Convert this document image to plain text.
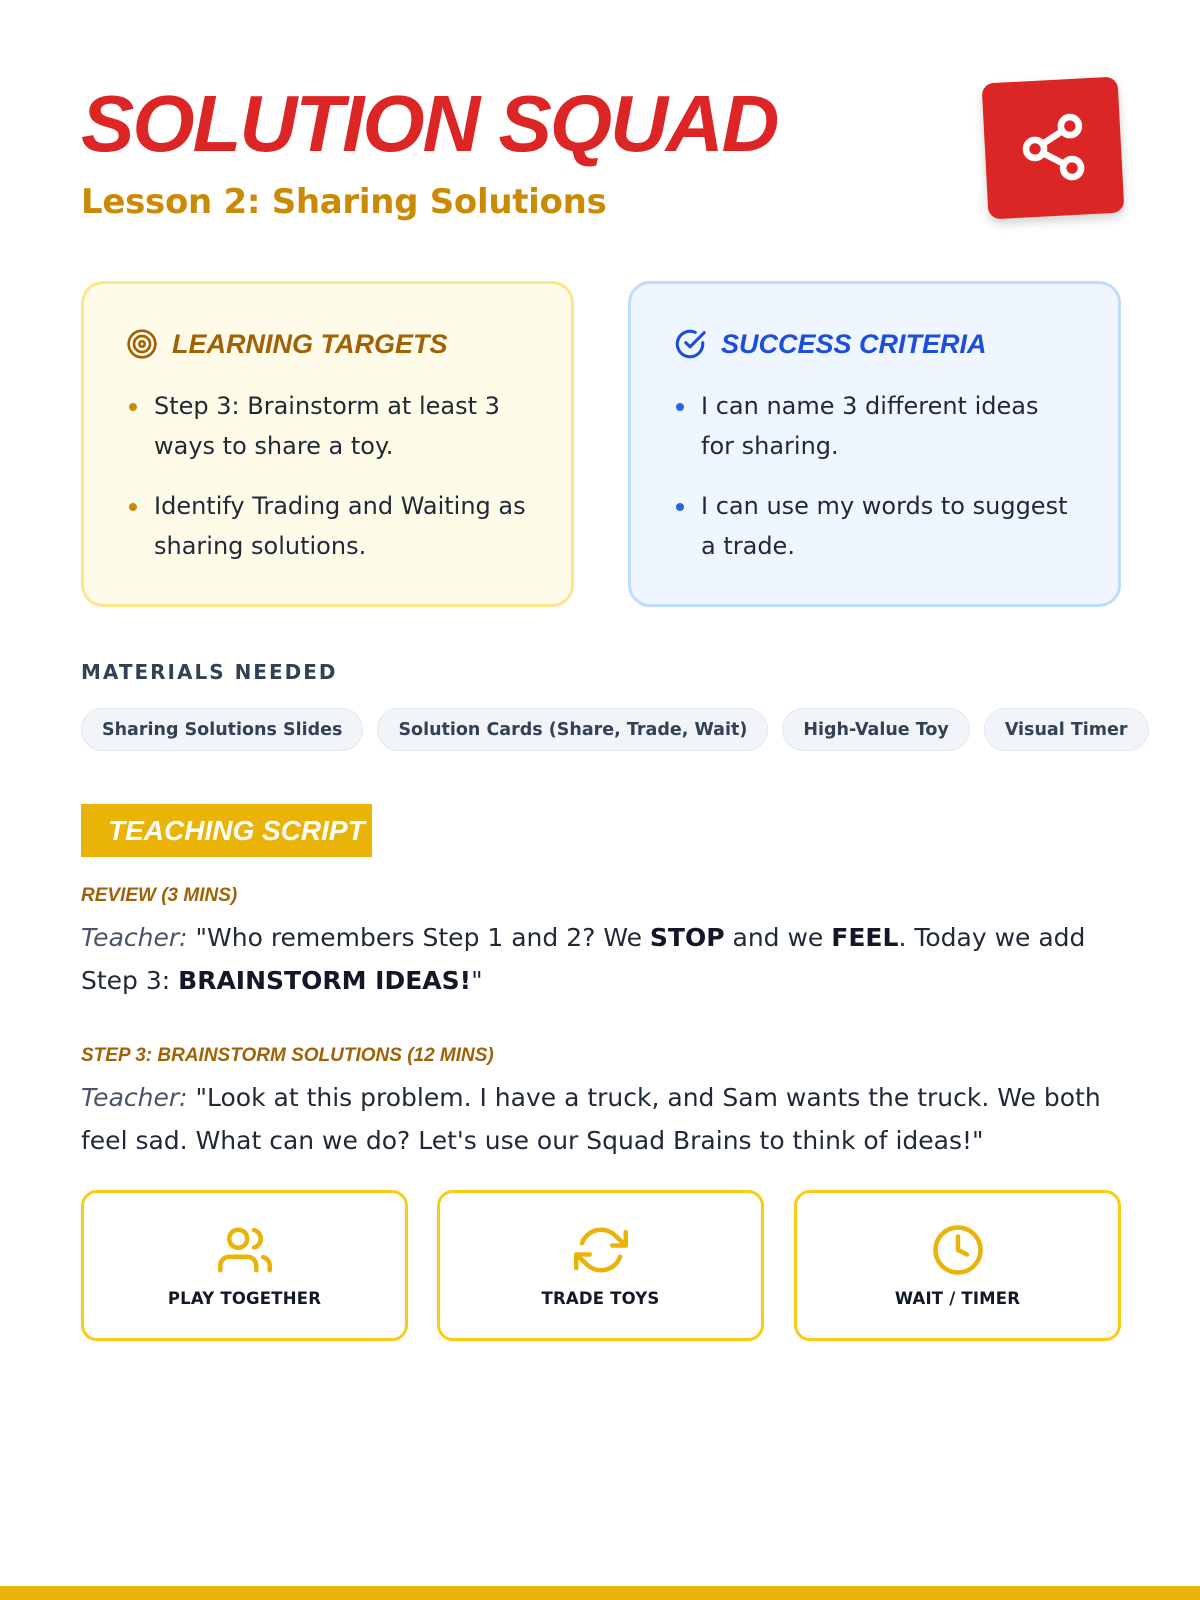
SOLUTION SQUAD
Lesson 2: Sharing Solutions
LEARNING TARGETS
Step 3: Brainstorm at least 3 ways to share a toy.
Identify Trading and Waiting as sharing solutions.
SUCCESS CRITERIA
I can name 3 different ideas for sharing.
I can use my words to suggest a trade.
MATERIALS NEEDED
Sharing Solutions Slides	Solution Cards (Share, Trade, Wait)	High-Value Toy	Visual Timer
TEACHING SCRIPT
REVIEW (3 MINS)

Teacher: "Who remembers Step 1 and 2? We STOP and we FEEL. Today we add Step 3: BRAINSTORM IDEAS!"

STEP 3: BRAINSTORM SOLUTIONS (12 MINS)

Teacher: "Look at this problem. I have a truck, and Sam wants the truck. We both feel sad. What can we do? Let's use our Squad Brains to think of ideas!"

PLAY TOGETHER	TRADE TOYS	WAIT / TIMER
